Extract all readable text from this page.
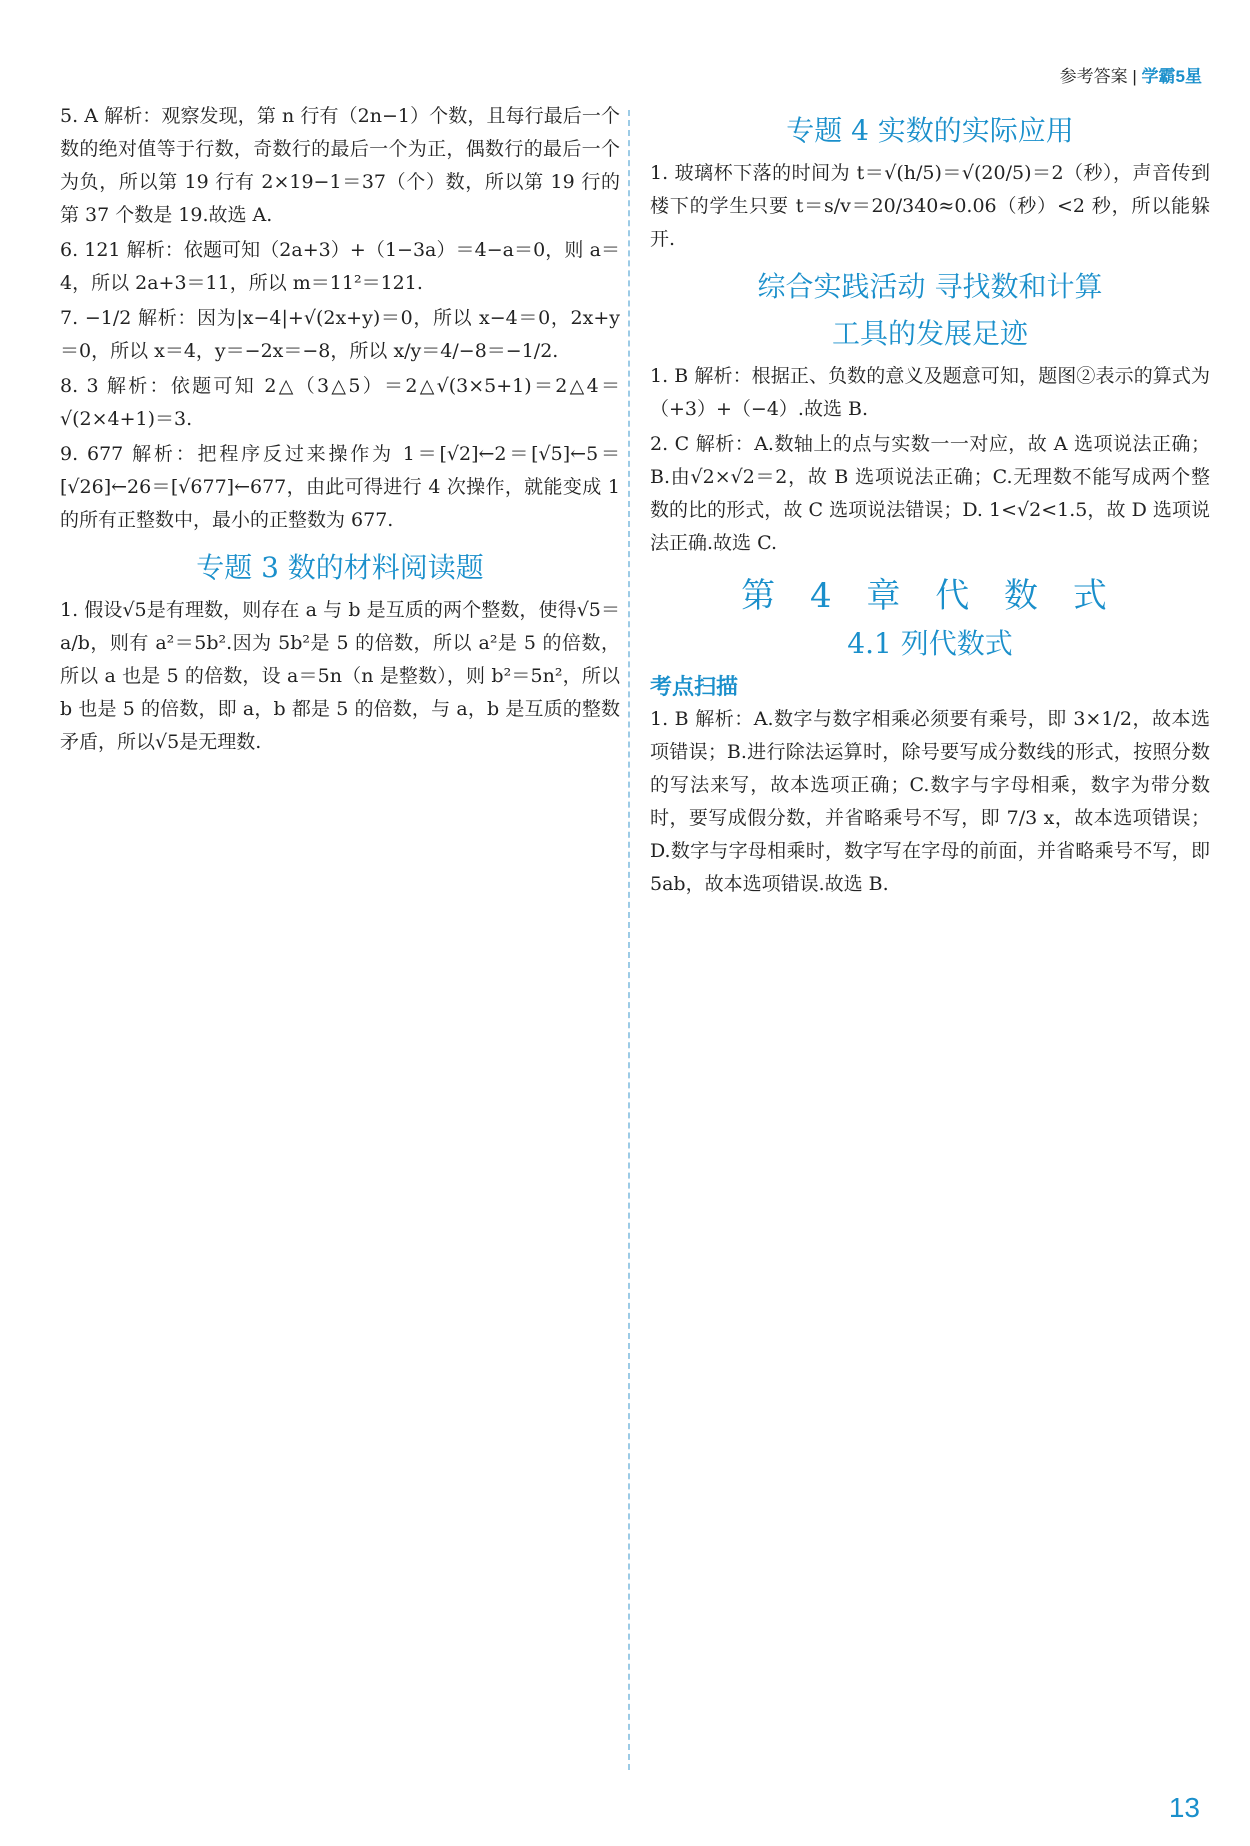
参考答案 | 学霸5星
5. A 解析：观察发现，第 n 行有（2n−1）个数，且每行最后一个数的绝对值等于行数，奇数行的最后一个为正，偶数行的最后一个为负，所以第 19 行有 2×19−1＝37（个）数，所以第 19 行的第 37 个数是 19.故选 A.
6. 121 解析：依题可知（2a+3）+（1−3a）＝4−a＝0，则 a＝4，所以 2a+3＝11，所以 m＝11²＝121.
7. −1/2 解析：因为|x−4|+√(2x+y)＝0，所以 x−4＝0，2x+y＝0，所以 x＝4，y＝−2x＝−8，所以 x/y＝4/−8＝−1/2.
8. 3 解析：依题可知 2△（3△5）＝2△√(3×5+1)＝2△4＝√(2×4+1)＝3.
9. 677 解析：把程序反过来操作为 1＝[√2]←2＝[√5]←5＝[√26]←26＝[√677]←677，由此可得进行 4 次操作，就能变成 1 的所有正整数中，最小的正整数为 677.
专题 3 数的材料阅读题
1. 假设√5是有理数，则存在 a 与 b 是互质的两个整数，使得√5＝a/b，则有 a²＝5b².因为 5b²是 5 的倍数，所以 a²是 5 的倍数，所以 a 也是 5 的倍数，设 a＝5n（n 是整数），则 b²＝5n²，所以 b 也是 5 的倍数，即 a，b 都是 5 的倍数，与 a，b 是互质的整数矛盾，所以√5是无理数.
专题 4 实数的实际应用
1. 玻璃杯下落的时间为 t＝√(h/5)＝√(20/5)＝2（秒），声音传到楼下的学生只要 t＝s/v＝20/340≈0.06（秒）<2 秒，所以能躲开.
综合实践活动 寻找数和计算
工具的发展足迹
1. B 解析：根据正、负数的意义及题意可知，题图②表示的算式为（+3）+（−4）.故选 B.
2. C 解析：A.数轴上的点与实数一一对应，故 A 选项说法正确；B.由√2×√2＝2，故 B 选项说法正确；C.无理数不能写成两个整数的比的形式，故 C 选项说法错误；D. 1<√2<1.5，故 D 选项说法正确.故选 C.
第 4 章 代 数 式
4.1 列代数式
考点扫描
1. B 解析：A.数字与数字相乘必须要有乘号，即 3×1/2，故本选项错误；B.进行除法运算时，除号要写成分数线的形式，按照分数的写法来写，故本选项正确；C.数字与字母相乘，数字为带分数时，要写成假分数，并省略乘号不写，即 7/3 x，故本选项错误；D.数字与字母相乘时，数字写在字母的前面，并省略乘号不写，即 5ab，故本选项错误.故选 B.
13
